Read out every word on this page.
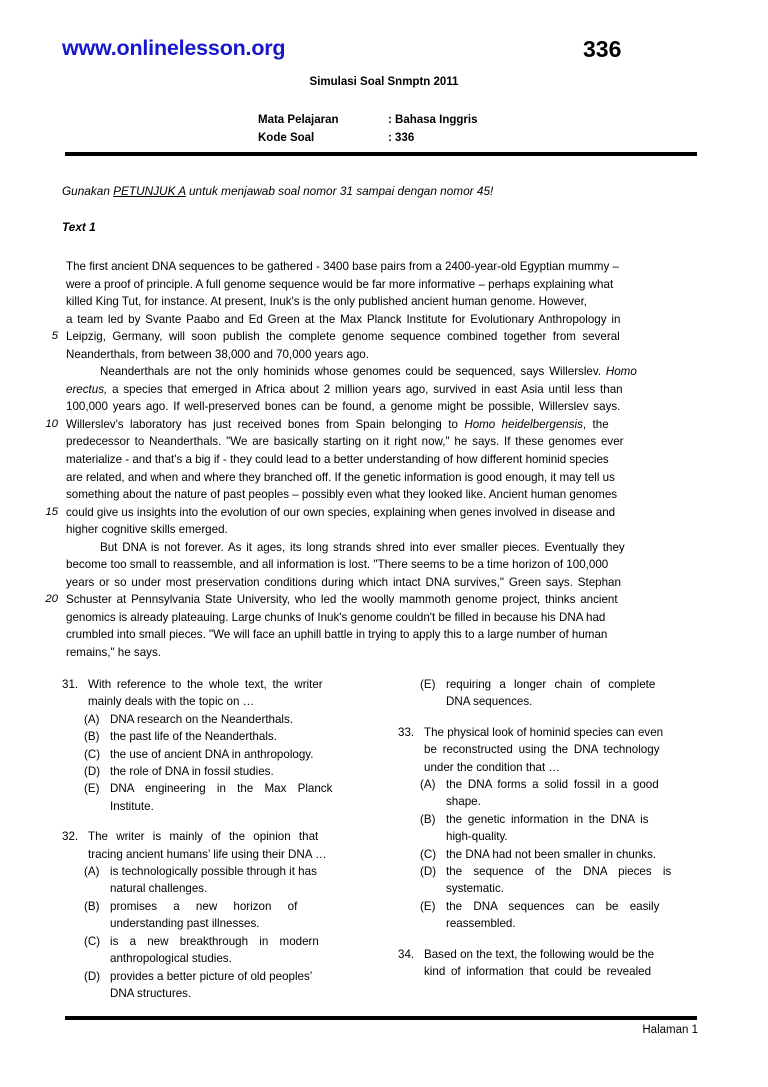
www.onlinelesson.org	336
Simulasi Soal Snmptn 2011
Mata Pelajaran	: Bahasa Inggris
Kode Soal	: 336
Gunakan PETUNJUK A untuk menjawab soal nomor 31 sampai dengan nomor 45!
Text 1
The first ancient DNA sequences to be gathered - 3400 base pairs from a 2400-year-old Egyptian mummy –
were a proof of principle. A full genome sequence would be far more informative – perhaps explaining what
killed King Tut, for instance. At present, Inuk's is the only published ancient human genome. However,
a team led by Svante Paabo and Ed Green at the Max Planck Institute for Evolutionary Anthropology in
5 Leipzig, Germany, will soon publish the complete genome sequence combined together from several
Neanderthals, from between 38,000 and 70,000 years ago.
Neanderthals are not the only hominids whose genomes could be sequenced, says Willerslev. Homo
erectus, a species that emerged in Africa about 2 million years ago, survived in east Asia until less than
100,000 years ago. If well-preserved bones can be found, a genome might be possible, Willerslev says.
10 Willerslev's laboratory has just received bones from Spain belonging to Homo heidelbergensis, the
predecessor to Neanderthals. "We are basically starting on it right now," he says. If these genomes ever
materialize - and that's a big if - they could lead to a better understanding of how different hominid species
are related, and when and where they branched off. If the genetic information is good enough, it may tell us
something about the nature of past peoples – possibly even what they looked like. Ancient human genomes
15 could give us insights into the evolution of our own species, explaining when genes involved in disease and
higher cognitive skills emerged.
But DNA is not forever. As it ages, its long strands shred into ever smaller pieces. Eventually they
become too small to reassemble, and all information is lost. "There seems to be a time horizon of 100,000
years or so under most preservation conditions during which intact DNA survives," Green says. Stephan
20 Schuster at Pennsylvania State University, who led the woolly mammoth genome project, thinks ancient
genomics is already plateauing. Large chunks of Inuk's genome couldn't be filled in because his DNA had
crumbled into small pieces. "We will face an uphill battle in trying to apply this to a large number of human
remains," he says.
31. With reference to the whole text, the writer
mainly deals with the topic on …
(A) DNA research on the Neanderthals.
(B) the past life of the Neanderthals.
(C) the use of ancient DNA in anthropology.
(D) the role of DNA in fossil studies.
(E) DNA engineering in the Max Planck
Institute.
32. The writer is mainly of the opinion that
tracing ancient humans’ life using their DNA …
(A) is technologically possible through it has
natural challenges.
(B) promises a new horizon of
understanding past illnesses.
(C) is a new breakthrough in modern
anthropological studies.
(D) provides a better picture of old peoples’
DNA structures.
(E) requiring a longer chain of complete
DNA sequences.
33. The physical look of hominid species can even
be reconstructed using the DNA technology
under the condition that …
(A) the DNA forms a solid fossil in a good
shape.
(B) the genetic information in the DNA is
high-quality.
(C) the DNA had not been smaller in chunks.
(D) the sequence of the DNA pieces is
systematic.
(E) the DNA sequences can be easily
reassembled.
34. Based on the text, the following would be the
kind of information that could be revealed
Halaman 1
